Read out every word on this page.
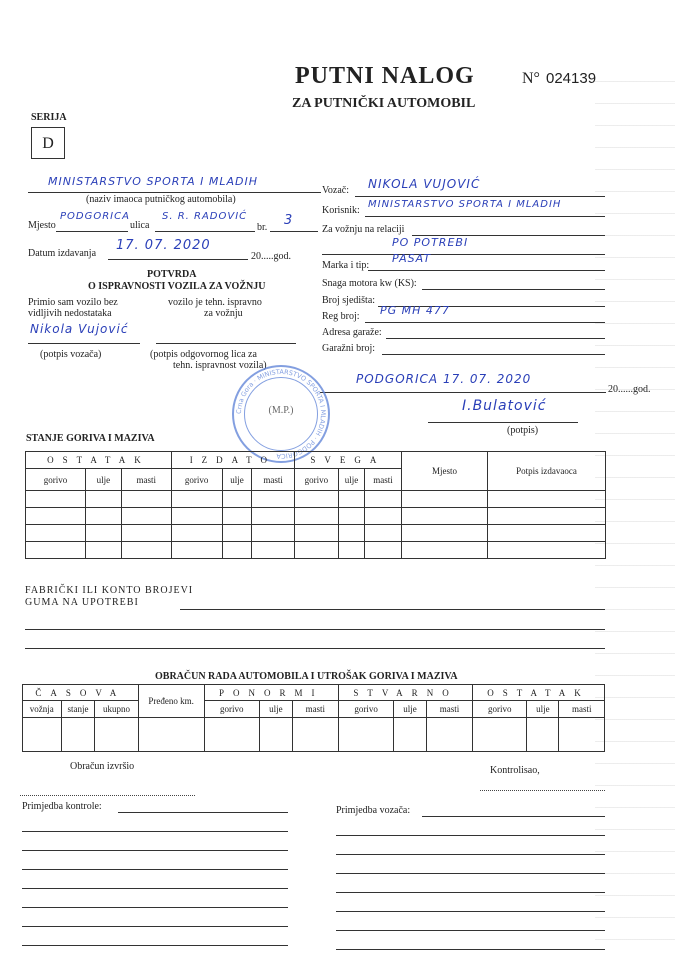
PUTNI NALOG	N° 024139
ZA PUTNIČKI AUTOMOBIL
SERIJA
D
MINISTARSTVO SPORTA I MLADIH
(naziv imaoca putničkog automobila)
Mjesto
PODGORICA
ulica
S. R. RADOVIĆ
br. 3
Datum izdavanja
17. 07. 2020
20.....god.
POTVRDA
O ISPRAVNOSTI VOZILA ZA VOŽNJU
Primio sam vozilo bez
vidljivih nedostataka
vozilo je tehn. ispravno
za vožnju
Nikola Vujović
(potpis vozača)	(potpis odgovornog lica za
tehn. ispravnost vozila)
Vozač: NIKOLA VUJOVIĆ
Korisnik:
MINISTARSTVO SPORTA I MLADIH
Za vožnju na relaciji
PO POTREBI
Marka i tip:
PASAT
Snaga motora kw (KS):
Broj sjedišta:
Reg broj: PG MH 477
Adresa garaže:
Garažni broj:
PODGORICA 17. 07. 2020
20......god.
I.Bulatović
(potpis)
Crna Gora · MINISTARSTVO SPORTA I MLADIH · PODGORICA
(M.P.)
STANJE GORIVA I MAZIVA
OSTATAK			IZDATO			SVEGA			Mjesto	Potpis izdavaoca
gorivo	ulje	masti	gorivo	ulje	masti	gorivo	ulje	masti		

FABRIČKI ILI KONTO BROJEVI
GUMA NA UPOTREBI
OBRAČUN RADA AUTOMOBILA I UTROŠAK GORIVA I MAZIVA
ČASOVA			Pređeno km.	PONORMI			STVARNO			OSTATAK		
vožnja	stanje	ukupno		gorivo	ulje	masti	gorivo	ulje	masti	gorivo	ulje	masti

Obračun izvršio	Kontrolisao,
Primjedba kontrole:	Primjedba vozača:
